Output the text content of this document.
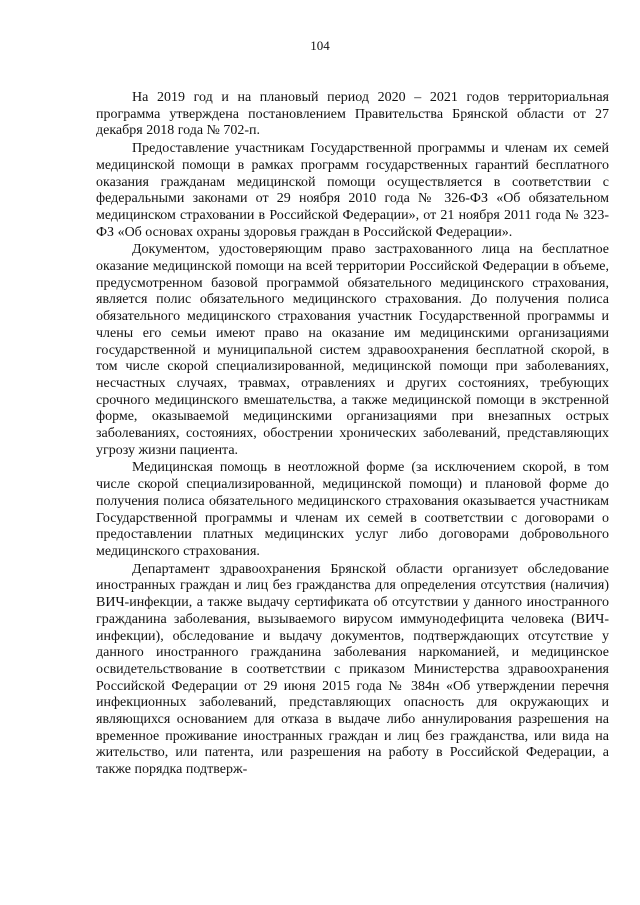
104

На 2019 год и на плановый период 2020 – 2021 годов территориальная программа утверждена постановлением Правительства Брянской области от 27 декабря 2018 года № 702-п.

Предоставление участникам Государственной программы и членам их семей медицинской помощи в рамках программ государственных гарантий бесплатного оказания гражданам медицинской помощи осуществляется в соответствии с федеральными законами от 29 ноября 2010 года № 326-ФЗ «Об обязательном медицинском страховании в Российской Федерации», от 21 ноября 2011 года № 323-ФЗ «Об основах охраны здоровья граждан в Российской Федерации».

Документом, удостоверяющим право застрахованного лица на бесплатное оказание медицинской помощи на всей территории Российской Федерации в объеме, предусмотренном базовой программой обязательного медицинского страхования, является полис обязательного медицинского страхования. До получения полиса обязательного медицинского страхования участник Государственной программы и члены его семьи имеют право на оказание им медицинскими организациями государственной и муниципальной систем здравоохранения бесплатной скорой, в том числе скорой специализированной, медицинской помощи при заболеваниях, несчастных случаях, травмах, отравлениях и других состояниях, требующих срочного медицинского вмешательства, а также медицинской помощи в экстренной форме, оказываемой медицинскими организациями при внезапных острых заболеваниях, состояниях, обострении хронических заболеваний, представляющих угрозу жизни пациента.

Медицинская помощь в неотложной форме (за исключением скорой, в том числе скорой специализированной, медицинской помощи) и плановой форме до получения полиса обязательного медицинского страхования оказывается участникам Государственной программы и членам их семей в соответствии с договорами о предоставлении платных медицинских услуг либо договорами добровольного медицинского страхования.

Департамент здравоохранения Брянской области организует обследование иностранных граждан и лиц без гражданства для определения отсутствия (наличия) ВИЧ-инфекции, а также выдачу сертификата об отсутствии у данного иностранного гражданина заболевания, вызываемого вирусом иммунодефицита человека (ВИЧ-инфекции), обследование и выдачу документов, подтверждающих отсутствие у данного иностранного гражданина заболевания наркоманией, и медицинское освидетельствование в соответствии с приказом Министерства здравоохранения Российской Федерации от 29 июня 2015 года № 384н «Об утверждении перечня инфекционных заболеваний, представляющих опасность для окружающих и являющихся основанием для отказа в выдаче либо аннулирования разрешения на временное проживание иностранных граждан и лиц без гражданства, или вида на жительство, или патента, или разрешения на работу в Российской Федерации, а также порядка подтверж-
